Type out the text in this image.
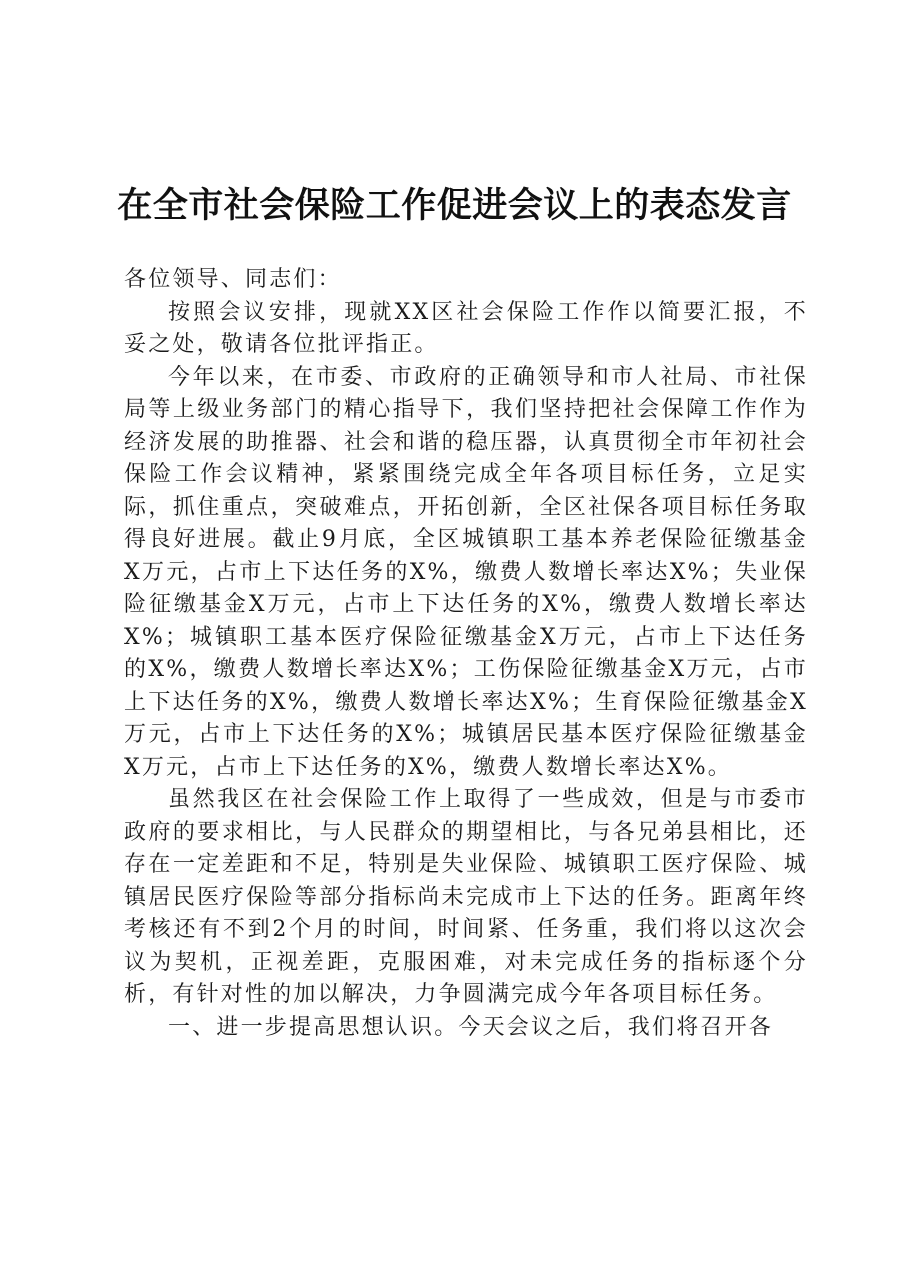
在全市社会保险工作促进会议上的表态发言

各位领导、同志们：

按照会议安排，现就XX区社会保险工作作以简要汇报，不妥之处，敬请各位批评指正。

今年以来，在市委、市政府的正确领导和市人社局、市社保局等上级业务部门的精心指导下，我们坚持把社会保障工作作为经济发展的助推器、社会和谐的稳压器，认真贯彻全市年初社会保险工作会议精神，紧紧围绕完成全年各项目标任务，立足实际，抓住重点，突破难点，开拓创新，全区社保各项目标任务取得良好进展。截止9月底，全区城镇职工基本养老保险征缴基金X万元，占市上下达任务的X%，缴费人数增长率达X%；失业保险征缴基金X万元，占市上下达任务的X%，缴费人数增长率达X%；城镇职工基本医疗保险征缴基金X万元，占市上下达任务的X%，缴费人数增长率达X%；工伤保险征缴基金X万元，占市上下达任务的X%，缴费人数增长率达X%；生育保险征缴基金X万元，占市上下达任务的X%；城镇居民基本医疗保险征缴基金X万元，占市上下达任务的X%，缴费人数增长率达X%。

虽然我区在社会保险工作上取得了一些成效，但是与市委市政府的要求相比，与人民群众的期望相比，与各兄弟县相比，还存在一定差距和不足，特别是失业保险、城镇职工医疗保险、城镇居民医疗保险等部分指标尚未完成市上下达的任务。距离年终考核还有不到2个月的时间，时间紧、任务重，我们将以这次会议为契机，正视差距，克服困难，对未完成任务的指标逐个分析，有针对性的加以解决，力争圆满完成今年各项目标任务。

一、进一步提高思想认识。今天会议之后，我们将召开各
